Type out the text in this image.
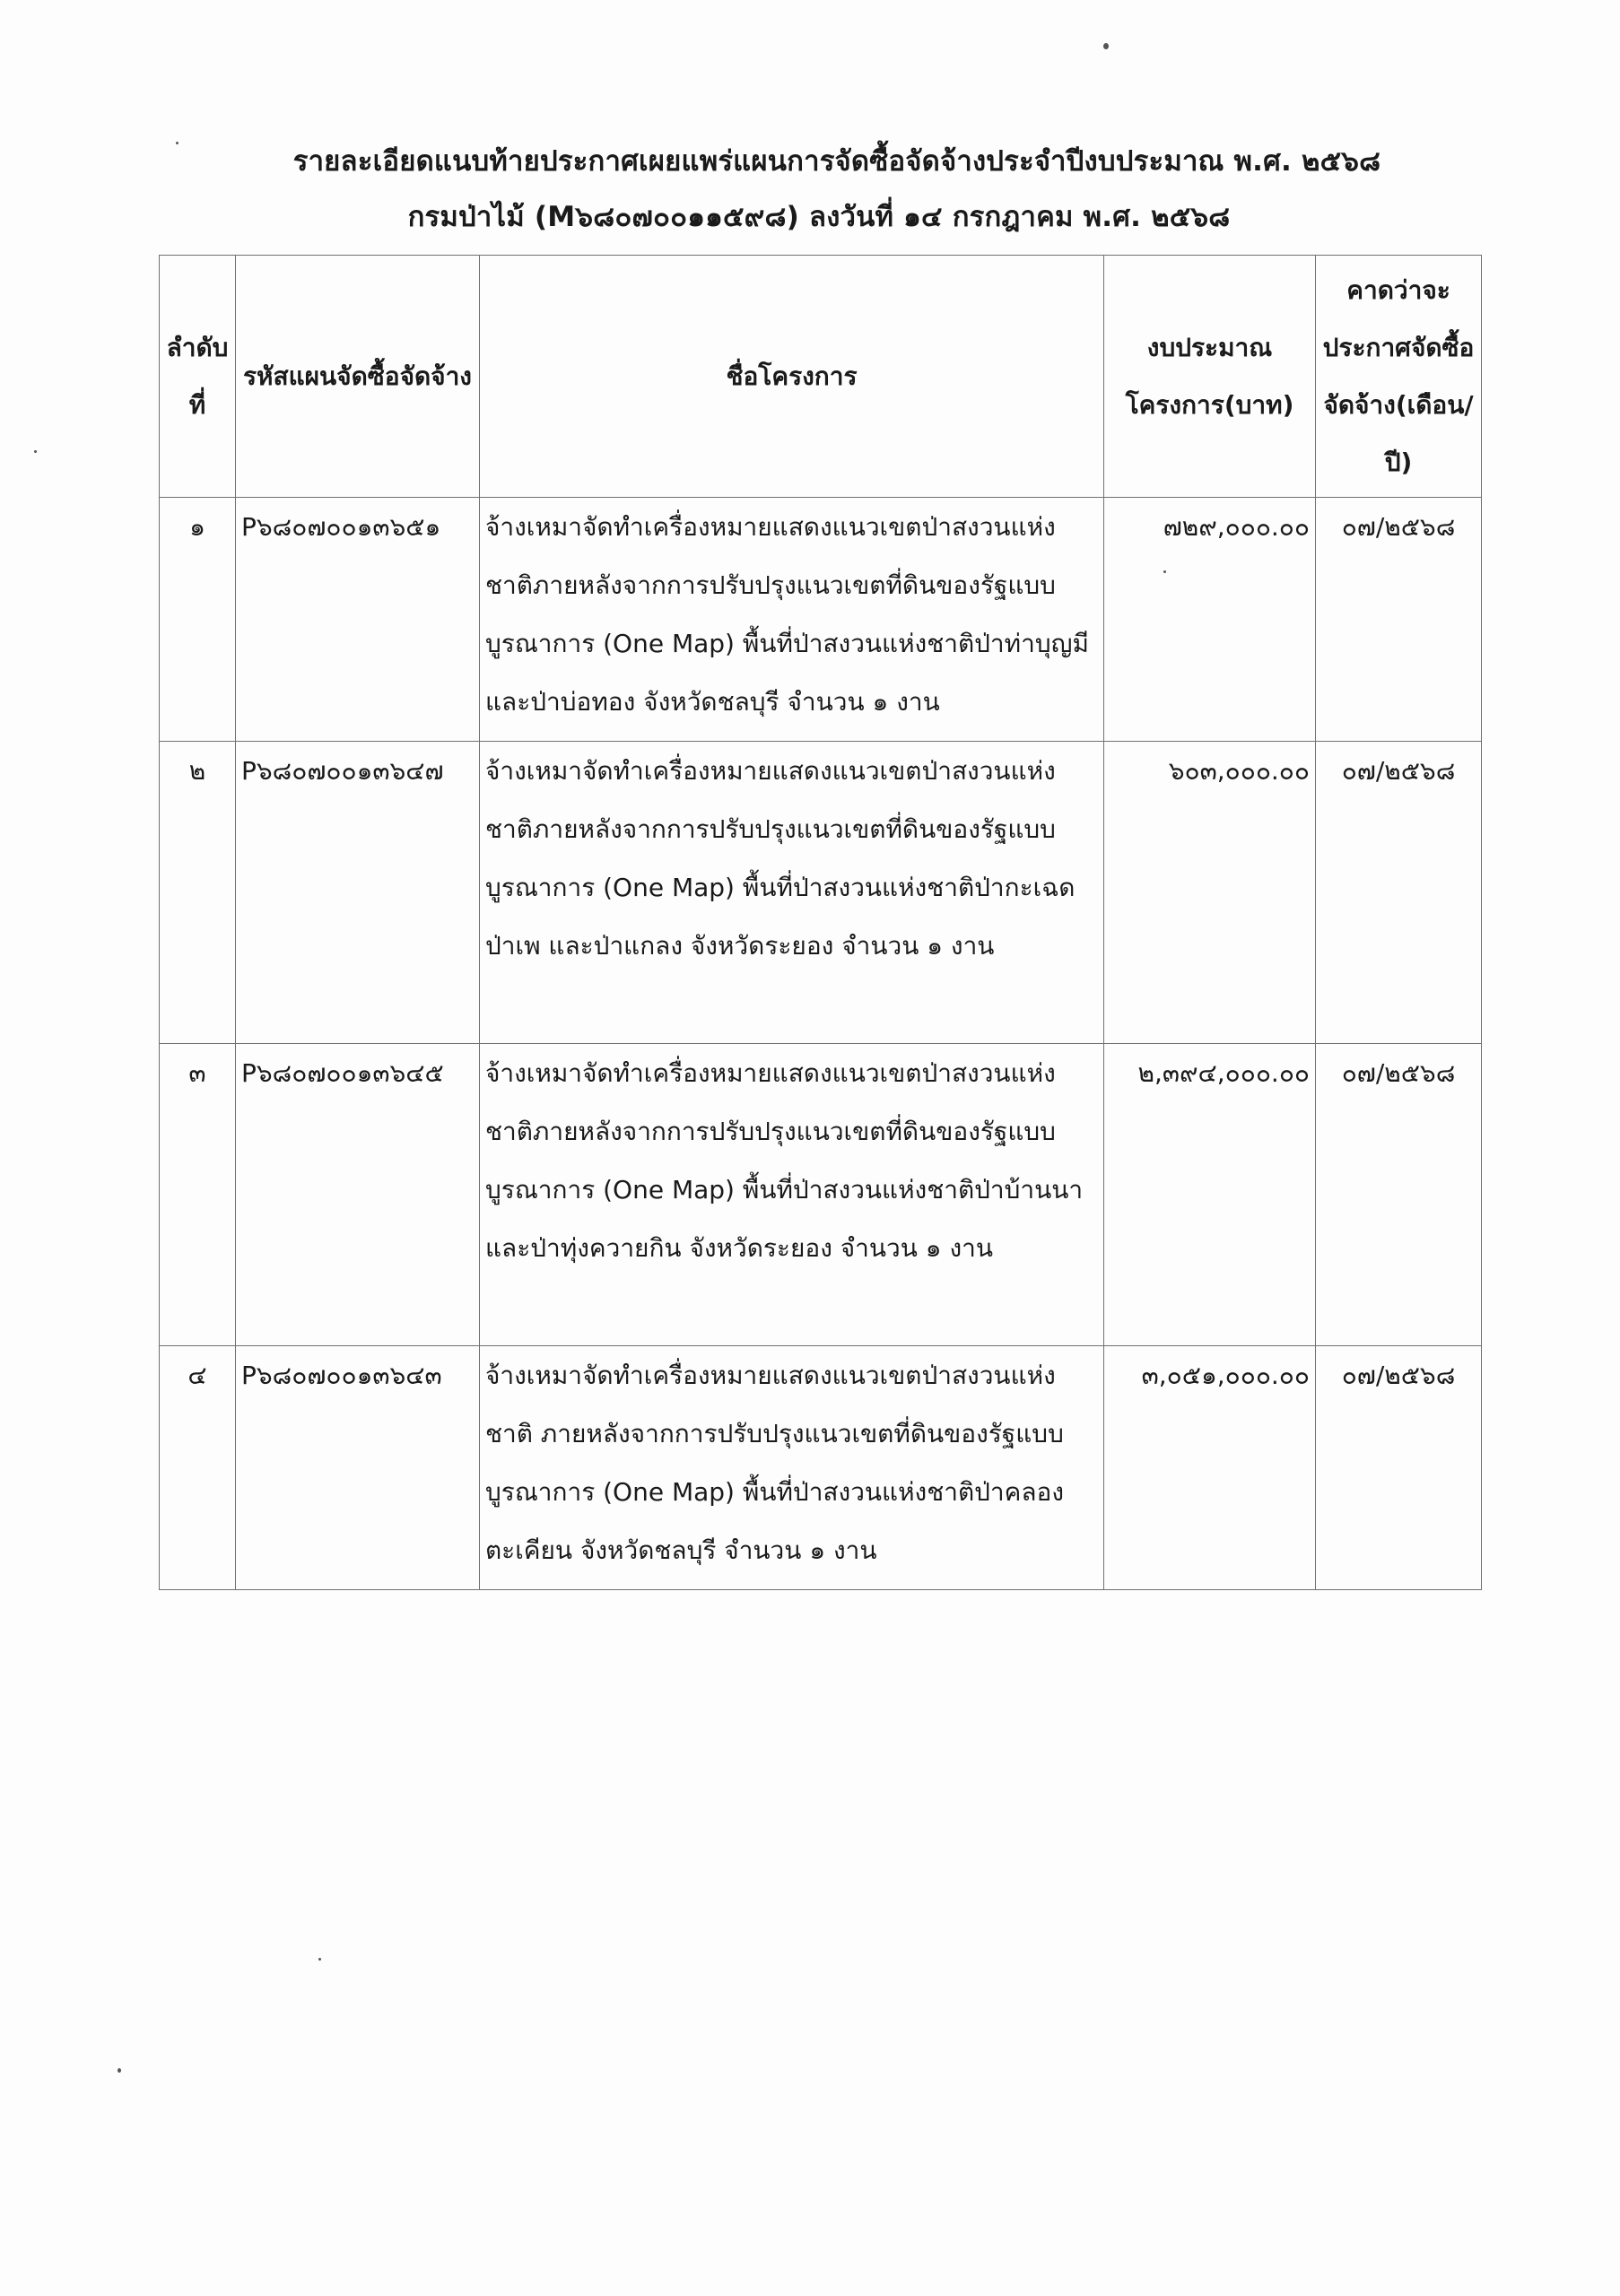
รายละเอียดแนบท้ายประกาศเผยแพร่แผนการจัดซื้อจัดจ้างประจำปีงบประมาณ พ.ศ. ๒๕๖๘
กรมป่าไม้ (M๖๘๐๗๐๐๑๑๕๙๘) ลงวันที่ ๑๔ กรกฎาคม พ.ศ. ๒๕๖๘
ลำดับที่	รหัสแผนจัดซื้อจัดจ้าง	ชื่อโครงการ	งบประมาณโครงการ(บาท)	คาดว่าจะประกาศจัดซื้อจัดจ้าง(เดือน/ปี)
๑	P๖๘๐๗๐๐๑๓๖๕๑	จ้างเหมาจัดทำเครื่องหมายแสดงแนวเขตป่าสงวนแห่งชาติภายหลังจากการปรับปรุงแนวเขตที่ดินของรัฐแบบบูรณาการ (One Map) พื้นที่ป่าสงวนแห่งชาติป่าท่าบุญมี และป่าบ่อทอง จังหวัดชลบุรี จำนวน ๑ งาน	๗๒๙,๐๐๐.๐๐	๐๗/๒๕๖๘
๒	P๖๘๐๗๐๐๑๓๖๔๗	จ้างเหมาจัดทำเครื่องหมายแสดงแนวเขตป่าสงวนแห่งชาติภายหลังจากการปรับปรุงแนวเขตที่ดินของรัฐแบบบูรณาการ (One Map) พื้นที่ป่าสงวนแห่งชาติป่ากะเฉด ป่าเพ และป่าแกลง จังหวัดระยอง จำนวน ๑ งาน	๖๐๓,๐๐๐.๐๐	๐๗/๒๕๖๘
๓	P๖๘๐๗๐๐๑๓๖๔๕	จ้างเหมาจัดทำเครื่องหมายแสดงแนวเขตป่าสงวนแห่งชาติภายหลังจากการปรับปรุงแนวเขตที่ดินของรัฐแบบบูรณาการ (One Map) พื้นที่ป่าสงวนแห่งชาติป่าบ้านนา และป่าทุ่งควายกิน จังหวัดระยอง จำนวน ๑ งาน	๒,๓๙๔,๐๐๐.๐๐	๐๗/๒๕๖๘
๔	P๖๘๐๗๐๐๑๓๖๔๓	จ้างเหมาจัดทำเครื่องหมายแสดงแนวเขตป่าสงวนแห่งชาติ ภายหลังจากการปรับปรุงแนวเขตที่ดินของรัฐแบบบูรณาการ (One Map) พื้นที่ป่าสงวนแห่งชาติป่าคลองตะเคียน จังหวัดชลบุรี จำนวน ๑ งาน	๓,๐๕๑,๐๐๐.๐๐	๐๗/๒๕๖๘
